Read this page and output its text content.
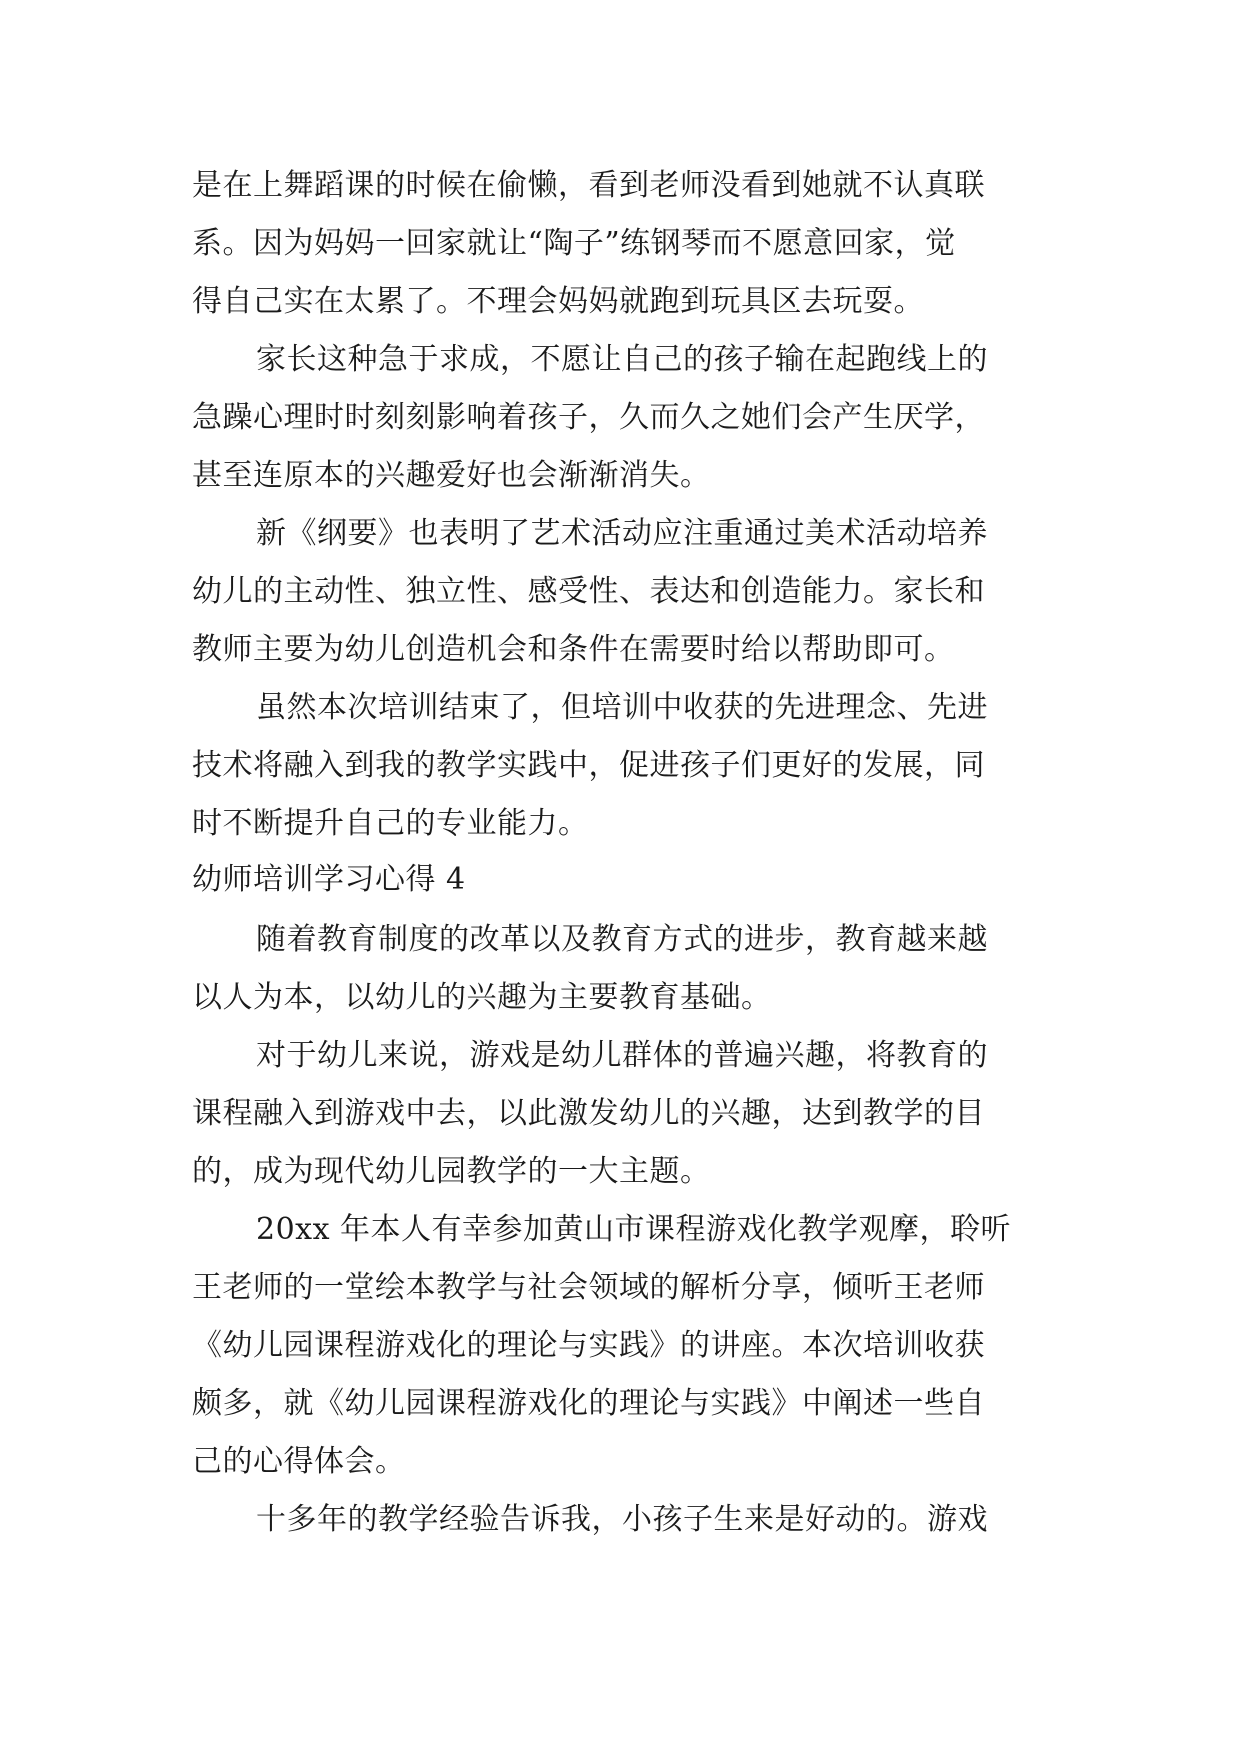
是在上舞蹈课的时候在偷懒，看到老师没看到她就不认真联
系。因为妈妈一回家就让“陶子”练钢琴而不愿意回家，觉
得自己实在太累了。不理会妈妈就跑到玩具区去玩耍。
家长这种急于求成，不愿让自己的孩子输在起跑线上的
急躁心理时时刻刻影响着孩子，久而久之她们会产生厌学，
甚至连原本的兴趣爱好也会渐渐消失。
新《纲要》也表明了艺术活动应注重通过美术活动培养
幼儿的主动性、独立性、感受性、表达和创造能力。家长和
教师主要为幼儿创造机会和条件在需要时给以帮助即可。
虽然本次培训结束了，但培训中收获的先进理念、先进
技术将融入到我的教学实践中，促进孩子们更好的发展，同
时不断提升自己的专业能力。
幼师培训学习心得 4
随着教育制度的改革以及教育方式的进步，教育越来越
以人为本，以幼儿的兴趣为主要教育基础。
对于幼儿来说，游戏是幼儿群体的普遍兴趣，将教育的
课程融入到游戏中去，以此激发幼儿的兴趣，达到教学的目
的，成为现代幼儿园教学的一大主题。
20xx 年本人有幸参加黄山市课程游戏化教学观摩，聆听
王老师的一堂绘本教学与社会领域的解析分享，倾听王老师
《幼儿园课程游戏化的理论与实践》的讲座。本次培训收获
颇多，就《幼儿园课程游戏化的理论与实践》中阐述一些自
己的心得体会。
十多年的教学经验告诉我，小孩子生来是好动的。游戏
